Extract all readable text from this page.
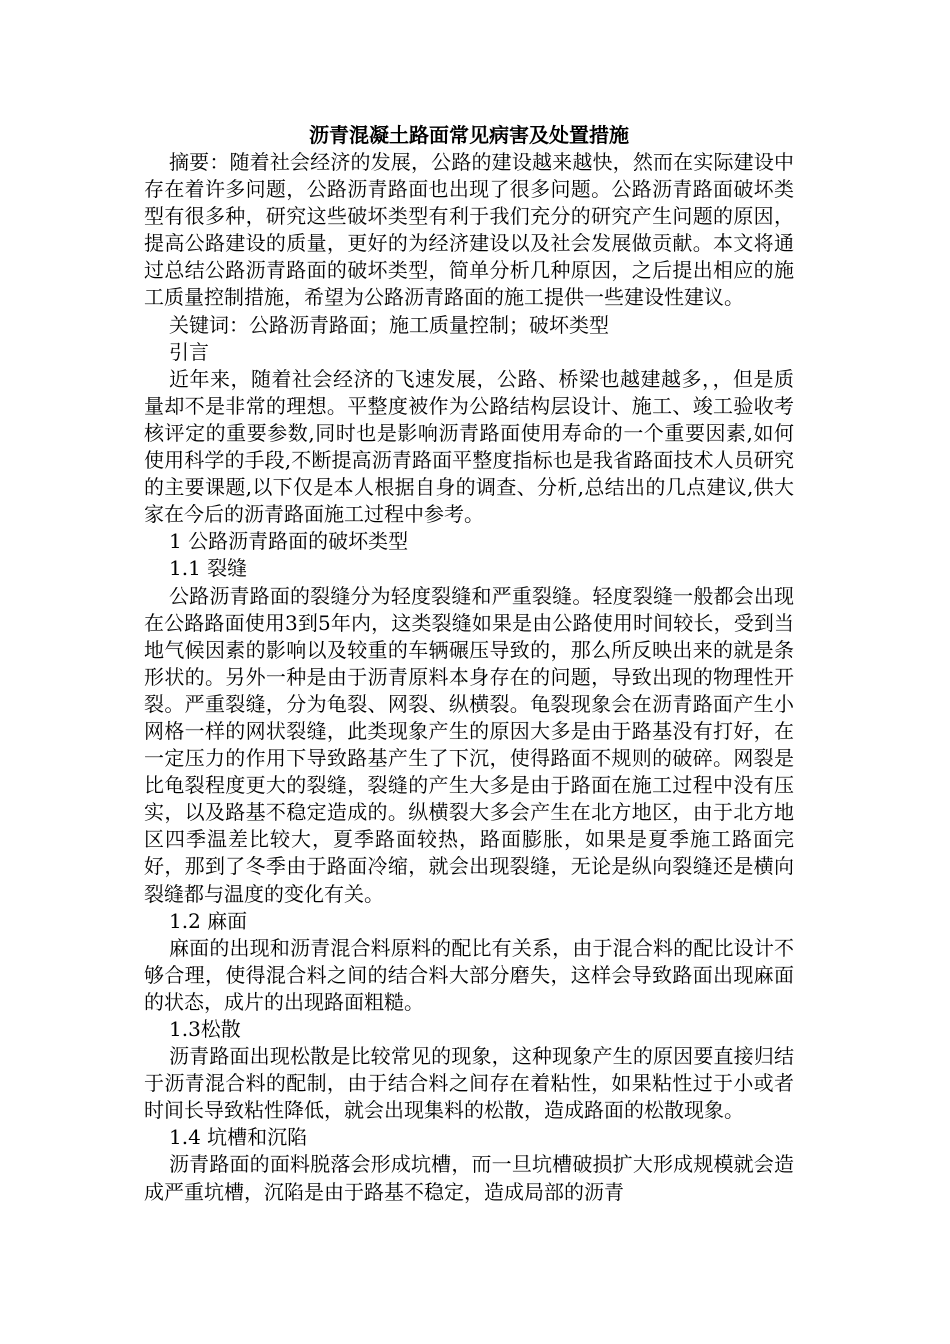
沥青混凝土路面常见病害及处置措施

摘要：随着社会经济的发展，公路的建设越来越快，然而在实际建设中存在着许多问题，公路沥青路面也出现了很多问题。公路沥青路面破坏类型有很多种，研究这些破坏类型有利于我们充分的研究产生问题的原因，提高公路建设的质量，更好的为经济建设以及社会发展做贡献。本文将通过总结公路沥青路面的破坏类型，简单分析几种原因，之后提出相应的施工质量控制措施，希望为公路沥青路面的施工提供一些建设性建议。

关键词：公路沥青路面；施工质量控制；破坏类型

引言

近年来，随着社会经济的飞速发展，公路、桥梁也越建越多，，但是质量却不是非常的理想。平整度被作为公路结构层设计、施工、竣工验收考核评定的重要参数,同时也是影响沥青路面使用寿命的一个重要因素,如何使用科学的手段,不断提高沥青路面平整度指标也是我省路面技术人员研究的主要课题,以下仅是本人根据自身的调查、分析,总结出的几点建议,供大家在今后的沥青路面施工过程中参考。

1 公路沥青路面的破坏类型

1.1 裂缝

公路沥青路面的裂缝分为轻度裂缝和严重裂缝。轻度裂缝一般都会出现在公路路面使用3到5年内，这类裂缝如果是由公路使用时间较长，受到当地气候因素的影响以及较重的车辆碾压导致的，那么所反映出来的就是条形状的。另外一种是由于沥青原料本身存在的问题，导致出现的物理性开裂。严重裂缝，分为龟裂、网裂、纵横裂。龟裂现象会在沥青路面产生小网格一样的网状裂缝，此类现象产生的原因大多是由于路基没有打好，在一定压力的作用下导致路基产生了下沉，使得路面不规则的破碎。网裂是比龟裂程度更大的裂缝，裂缝的产生大多是由于路面在施工过程中没有压实，以及路基不稳定造成的。纵横裂大多会产生在北方地区，由于北方地区四季温差比较大，夏季路面较热，路面膨胀，如果是夏季施工路面完好，那到了冬季由于路面冷缩，就会出现裂缝，无论是纵向裂缝还是横向裂缝都与温度的变化有关。

1.2 麻面

麻面的出现和沥青混合料原料的配比有关系，由于混合料的配比设计不够合理，使得混合料之间的结合料大部分磨失，这样会导致路面出现麻面的状态，成片的出现路面粗糙。

1.3松散

沥青路面出现松散是比较常见的现象，这种现象产生的原因要直接归结于沥青混合料的配制，由于结合料之间存在着粘性，如果粘性过于小或者时间长导致粘性降低，就会出现集料的松散，造成路面的松散现象。

1.4 坑槽和沉陷

沥青路面的面料脱落会形成坑槽，而一旦坑槽破损扩大形成规模就会造成严重坑槽，沉陷是由于路基不稳定，造成局部的沥青
